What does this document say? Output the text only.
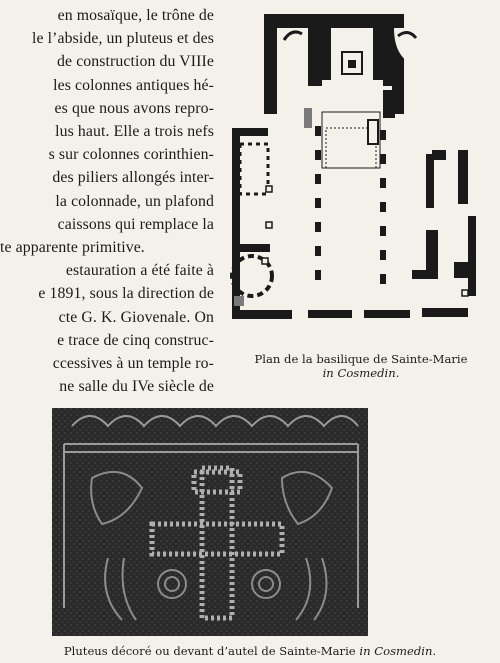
en mosaïque, le trône de
le l’abside, un pluteus et des
de construction du VIIIe
les colonnes antiques hé-
es que nous avons repro-
lus haut. Elle a trois nefs
s sur colonnes corinthien-
des piliers allongés inter-
la colonnade, un plafond
caissons qui remplace la
te apparente primitive.
estauration a été faite à
e 1891, sous la direction de
cte G. K. Giovenale. On
e trace de cinq construc-
ccessives à un temple ro-
ne salle du IVe siècle de
Plan de la basilique de Sainte-Marie
in Cosmedin.
Pluteus décoré ou devant d’autel de Sainte-Marie in Cosmedin.
